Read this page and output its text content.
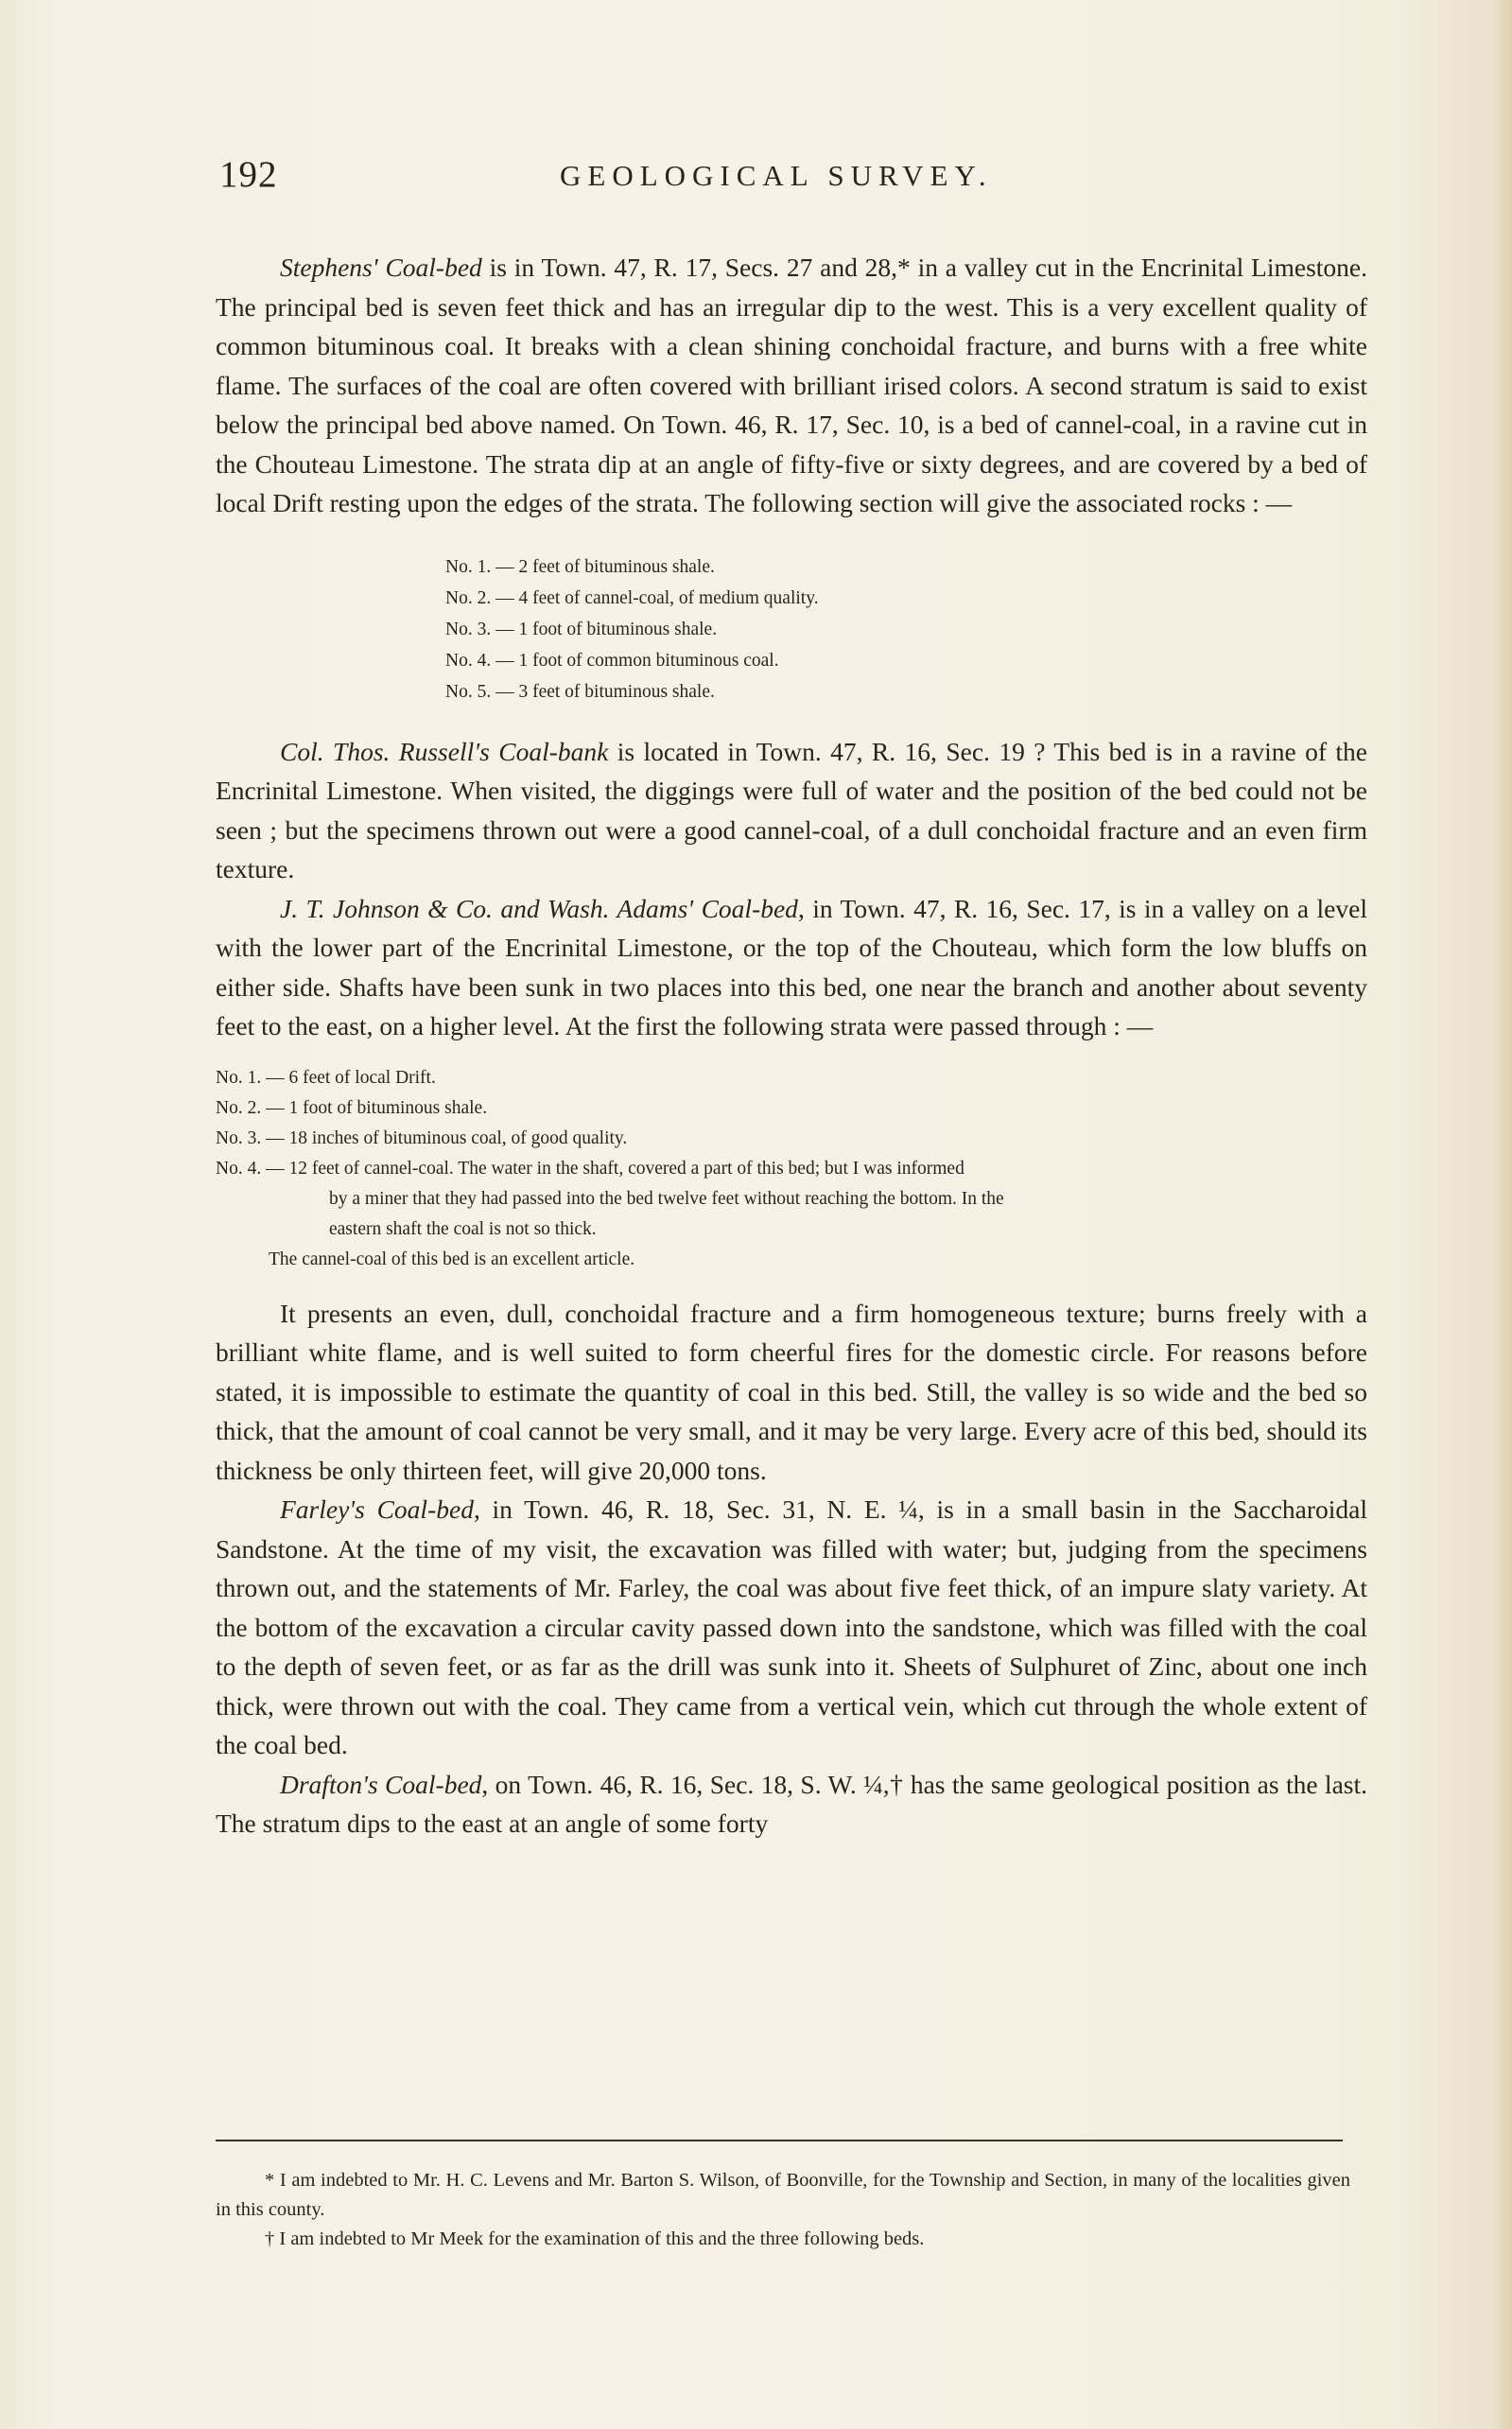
192	GEOLOGICAL SURVEY.

Stephens' Coal-bed is in Town. 47, R. 17, Secs. 27 and 28,* in a valley cut in the Encrinital Limestone. The principal bed is seven feet thick and has an irregular dip to the west. This is a very excellent quality of common bituminous coal. It breaks with a clean shining conchoidal fracture, and burns with a free white flame. The surfaces of the coal are often covered with brilliant irised colors. A second stratum is said to exist below the principal bed above named. On Town. 46, R. 17, Sec. 10, is a bed of cannel-coal, in a ravine cut in the Chouteau Limestone. The strata dip at an angle of fifty-five or sixty degrees, and are covered by a bed of local Drift resting upon the edges of the strata. The following section will give the associated rocks : —

No. 1. — 2 feet of bituminous shale.
No. 2. — 4 feet of cannel-coal, of medium quality.
No. 3. — 1 foot of bituminous shale.
No. 4. — 1 foot of common bituminous coal.
No. 5. — 3 feet of bituminous shale.

Col. Thos. Russell's Coal-bank is located in Town. 47, R. 16, Sec. 19 ? This bed is in a ravine of the Encrinital Limestone. When visited, the diggings were full of water and the position of the bed could not be seen ; but the specimens thrown out were a good cannel-coal, of a dull conchoidal fracture and an even firm texture.

J. T. Johnson & Co. and Wash. Adams' Coal-bed, in Town. 47, R. 16, Sec. 17, is in a valley on a level with the lower part of the Encrinital Limestone, or the top of the Chouteau, which form the low bluffs on either side. Shafts have been sunk in two places into this bed, one near the branch and another about seventy feet to the east, on a higher level. At the first the following strata were passed through : —

No. 1. — 6 feet of local Drift.
No. 2. — 1 foot of bituminous shale.
No. 3. — 18 inches of bituminous coal, of good quality.
No. 4. — 12 feet of cannel-coal. The water in the shaft, covered a part of this bed; but I was informed
by a miner that they had passed into the bed twelve feet without reaching the bottom. In the
eastern shaft the coal is not so thick.
The cannel-coal of this bed is an excellent article.

It presents an even, dull, conchoidal fracture and a firm homogeneous texture; burns freely with a brilliant white flame, and is well suited to form cheerful fires for the domestic circle. For reasons before stated, it is impossible to estimate the quantity of coal in this bed. Still, the valley is so wide and the bed so thick, that the amount of coal cannot be very small, and it may be very large. Every acre of this bed, should its thickness be only thirteen feet, will give 20,000 tons.

Farley's Coal-bed, in Town. 46, R. 18, Sec. 31, N. E. ¼, is in a small basin in the Saccharoidal Sandstone. At the time of my visit, the excavation was filled with water; but, judging from the specimens thrown out, and the statements of Mr. Farley, the coal was about five feet thick, of an impure slaty variety. At the bottom of the excavation a circular cavity passed down into the sandstone, which was filled with the coal to the depth of seven feet, or as far as the drill was sunk into it. Sheets of Sulphuret of Zinc, about one inch thick, were thrown out with the coal. They came from a vertical vein, which cut through the whole extent of the coal bed.

Drafton's Coal-bed, on Town. 46, R. 16, Sec. 18, S. W. ¼,† has the same geological position as the last. The stratum dips to the east at an angle of some forty

* I am indebted to Mr. H. C. Levens and Mr. Barton S. Wilson, of Boonville, for the Township and Section, in many of the localities given in this county.

† I am indebted to Mr Meek for the examination of this and the three following beds.
